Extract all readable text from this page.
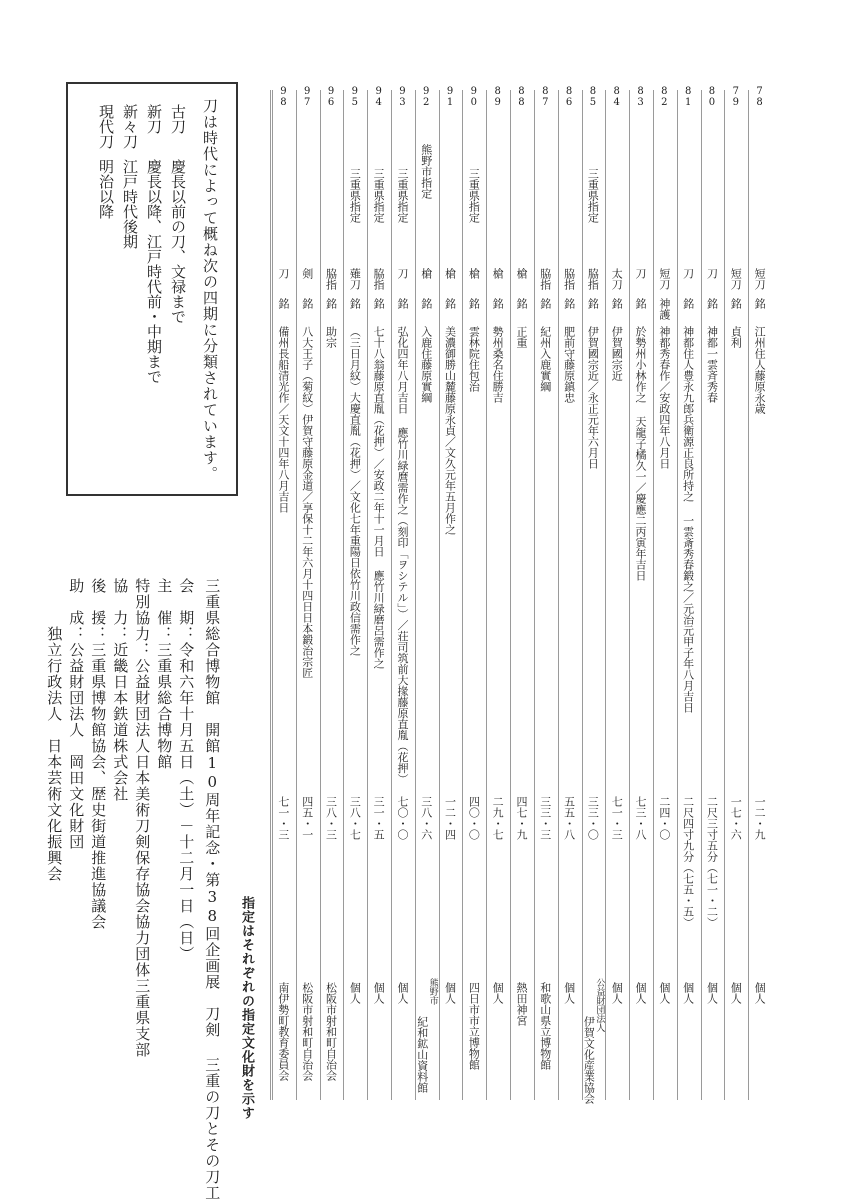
78
短刀
銘
江州住人藤原永歳
一二・九
個人
79
短刀
銘
貞利
一七・六
個人
80
刀
銘
神都一雲斉秀春
二尺三寸五分（七一・二）
個人
81
刀
銘
神都住人豊永九郎兵衛源正良所持之 一雲斎秀春鍛之／元治元甲子年八月吉日
二尺四寸九分（七五・五）
個人
82
短刀
神護
神都秀春作／安政四年八月日
二四・〇
個人
83
刀
銘
於勢州小林作之 天龍子橘久一／慶應二丙寅年吉日
七三・八
個人
84
太刀
銘
伊賀國宗近
七一・三
個人
85
三重県指定
脇指
銘
伊賀國宗近／永正元年六月日
三三・〇
公益財団法人
伊賀文化産業協会
86
脇指
銘
肥前守藤原鎮忠
五五・八
個人
87
脇指
銘
紀州入鹿實綱
三三・三
和歌山県立博物館
88
槍
銘
正重
四七・九
熱田神宮
89
槍
銘
勢州桑名住勝吉
二九・七
個人
90
三重県指定
槍
銘
雲林院住包治
四〇・〇
四日市市立博物館
91
槍
銘
美濃御勝山麓藤原永貞／文久元年五月作之
一二・四
個人
92
熊野市指定
槍
銘
入鹿住藤原實綱
三八・六
熊野市
紀和鉱山資料館
93
三重県指定
刀
銘
弘化四年八月吉日 應竹川緑麿需作之（刻印「ヲシテル」）／荘司筑前大掾藤原直胤（花押）
七〇・〇
個人
94
三重県指定
脇指
銘
七十八翁藤原直胤（花押）／安政二年十一月日 應竹川緑磨呂需作之
三一・五
個人
95
三重県指定
薙刀
銘
（三日月紋）大慶直胤（花押）／文化七年重陽日依竹川政信需作之
三八・七
個人
96
脇指
銘
助宗
三八・三
松阪市射和町自治会
97
剣
銘
八大王子（菊紋）伊賀守藤原金道／享保十二年六月十四日日本鍛治宗匠
四五・一
松阪市射和町自治会
98
刀
銘
備州長船清光作／天文十四年八月吉日
七一・三
南伊勢町教育委員会
指定はそれぞれの指定文化財を示す
三重県総合博物館　開館10周年記念・第38回企画展　刀剣 三重の刀とその刀工
会　期：令和六年十月五日（土）－十二月一日（日）
主　催：三重県総合博物館
特別協力：公益財団法人日本美術刀剣保存協会協力団体三重県支部
協　力：近畿日本鉄道株式会社
後　援：三重県博物館協会、歴史街道推進協議会
助　成：公益財団法人　岡田文化財団
　　　独立行政法人　日本芸術文化振興会
刀は時代によって概ね次の四期に分類されています。
古刀
慶長以前の刀、文禄まで
新刀
慶長以降、江戸時代前・中期まで
新々刀
江戸時代後期
現代刀
明治以降
